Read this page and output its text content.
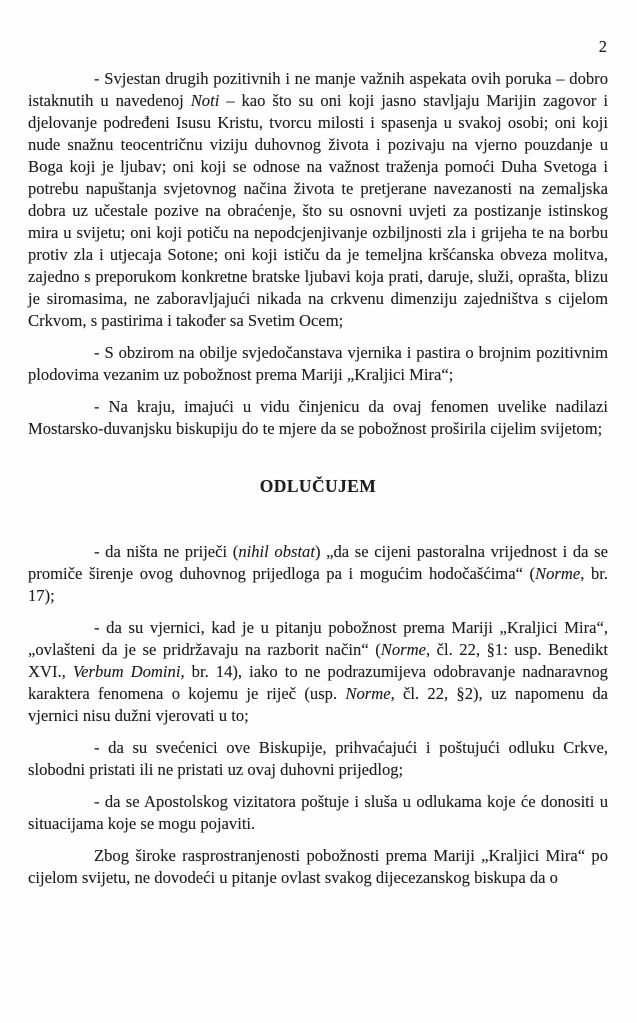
2

- Svjestan drugih pozitivnih i ne manje važnih aspekata ovih poruka – dobro istaknutih u navedenoj Noti – kao što su oni koji jasno stavljaju Marijin zagovor i djelovanje podređeni Isusu Kristu, tvorcu milosti i spasenja u svakoj osobi; oni koji nude snažnu teocentričnu viziju duhovnog života i pozivaju na vjerno pouzdanje u Boga koji je ljubav; oni koji se odnose na važnost traženja pomoći Duha Svetoga i potrebu napuštanja svjetovnog načina života te pretjerane navezanosti na zemaljska dobra uz učestale pozive na obraćenje, što su osnovni uvjeti za postizanje istinskog mira u svijetu; oni koji potiču na nepodcjenjivanje ozbiljnosti zla i grijeha te na borbu protiv zla i utjecaja Sotone; oni koji ističu da je temeljna kršćanska obveza molitva, zajedno s preporukom konkretne bratske ljubavi koja prati, daruje, služi, oprašta, blizu je siromasima, ne zaboravljajući nikada na crkvenu dimenziju zajedništva s cijelom Crkvom, s pastirima i također sa Svetim Ocem;

- S obzirom na obilje svjedočanstava vjernika i pastira o brojnim pozitivnim plodovima vezanim uz pobožnost prema Mariji „Kraljici Mira“;

- Na kraju, imajući u vidu činjenicu da ovaj fenomen uvelike nadilazi Mostarsko-duvanjsku biskupiju do te mjere da se pobožnost proširila cijelim svijetom;

ODLUČUJEM

- da ništa ne priječi (nihil obstat) „da se cijeni pastoralna vrijednost i da se promiče širenje ovog duhovnog prijedloga pa i mogućim hodočašćima“ (Norme, br. 17);

- da su vjernici, kad je u pitanju pobožnost prema Mariji „Kraljici Mira“, „ovlašteni da je se pridržavaju na razborit način“ (Norme, čl. 22, §1: usp. Benedikt XVI., Verbum Domini, br. 14), iako to ne podrazumijeva odobravanje nadnaravnog karaktera fenomena o kojemu je riječ (usp. Norme, čl. 22, §2), uz napomenu da vjernici nisu dužni vjerovati u to;

- da su svećenici ove Biskupije, prihvaćajući i poštujući odluku Crkve, slobodni pristati ili ne pristati uz ovaj duhovni prijedlog;

- da se Apostolskog vizitatora poštuje i sluša u odlukama koje će donositi u situacijama koje se mogu pojaviti.

Zbog široke rasprostranjenosti pobožnosti prema Mariji „Kraljici Mira“ po cijelom svijetu, ne dovodeći u pitanje ovlast svakog dijecezanskog biskupa da o
